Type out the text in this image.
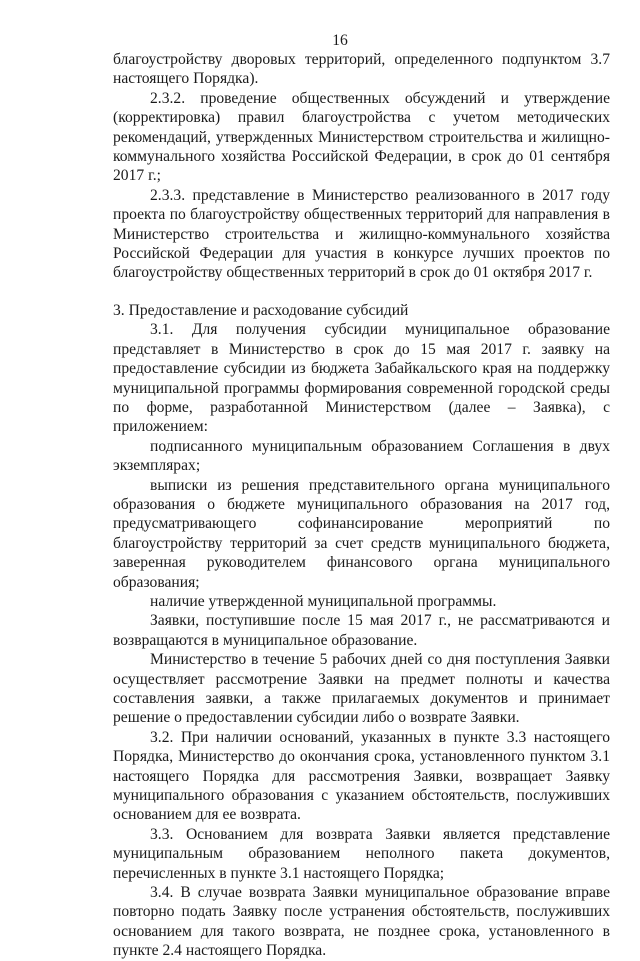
16

благоустройству дворовых территорий, определенного подпунктом 3.7 настоящего Порядка).

2.3.2. проведение общественных обсуждений и утверждение (корректировка) правил благоустройства с учетом методических рекомендаций, утвержденных Министерством строительства и жилищно-коммунального хозяйства Российской Федерации, в срок до 01 сентября 2017 г.;

2.3.3. представление в Министерство реализованного в 2017 году проекта по благоустройству общественных территорий для направления в Министерство строительства и жилищно-коммунального хозяйства Российской Федерации для участия в конкурсе лучших проектов по благоустройству общественных территорий в срок до 01 октября 2017 г.

3. Предоставление и расходование субсидий

3.1. Для получения субсидии муниципальное образование представляет в Министерство в срок до 15 мая 2017 г. заявку на предоставление субсидии из бюджета Забайкальского края на поддержку муниципальной программы формирования современной городской среды по форме, разработанной Министерством (далее – Заявка), с приложением:

подписанного муниципальным образованием Соглашения в двух экземплярах;

выписки из решения представительного органа муниципального образования о бюджете муниципального образования на 2017 год, предусматривающего софинансирование мероприятий по благоустройству территорий за счет средств муниципального бюджета, заверенная руководителем финансового органа муниципального образования;

наличие утвержденной муниципальной программы.

Заявки, поступившие после 15 мая 2017 г., не рассматриваются и возвращаются в муниципальное образование.

Министерство в течение 5 рабочих дней со дня поступления Заявки осуществляет рассмотрение Заявки на предмет полноты и качества составления заявки, а также прилагаемых документов и принимает решение о предоставлении субсидии либо о возврате Заявки.

3.2. При наличии оснований, указанных в пункте 3.3 настоящего Порядка, Министерство до окончания срока, установленного пунктом 3.1 настоящего Порядка для рассмотрения Заявки, возвращает Заявку муниципального образования с указанием обстоятельств, послуживших основанием для ее возврата.

3.3. Основанием для возврата Заявки является представление муниципальным образованием неполного пакета документов, перечисленных в пункте 3.1 настоящего Порядка;

3.4. В случае возврата Заявки муниципальное образование вправе повторно подать Заявку после устранения обстоятельств, послуживших основанием для такого возврата, не позднее срока, установленного в пункте 2.4 настоящего Порядка.
